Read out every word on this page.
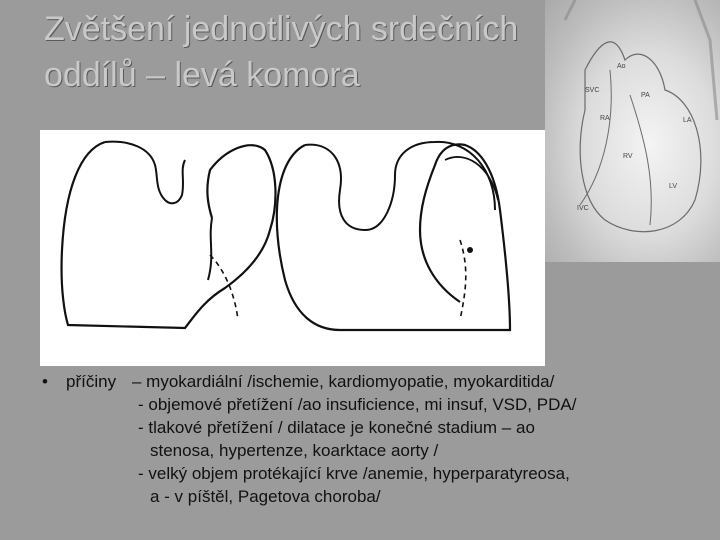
Ao
SVC
PA
RA	LA
RV
LV
IVC
Zvětšení jednotlivých srdečních
oddílů – levá komora
•	příčiny – myokardiální /ischemie, kardiomyopatie, myokarditida/
- objemové přetížení /ao insuficience, mi insuf, VSD, PDA/
- tlakové přetížení / dilatace je konečné stadium – ao
stenosa, hypertenze, koarktace aorty /
- velký objem protékající krve /anemie, hyperparatyreosa,
a - v píštěl, Pagetova choroba/
